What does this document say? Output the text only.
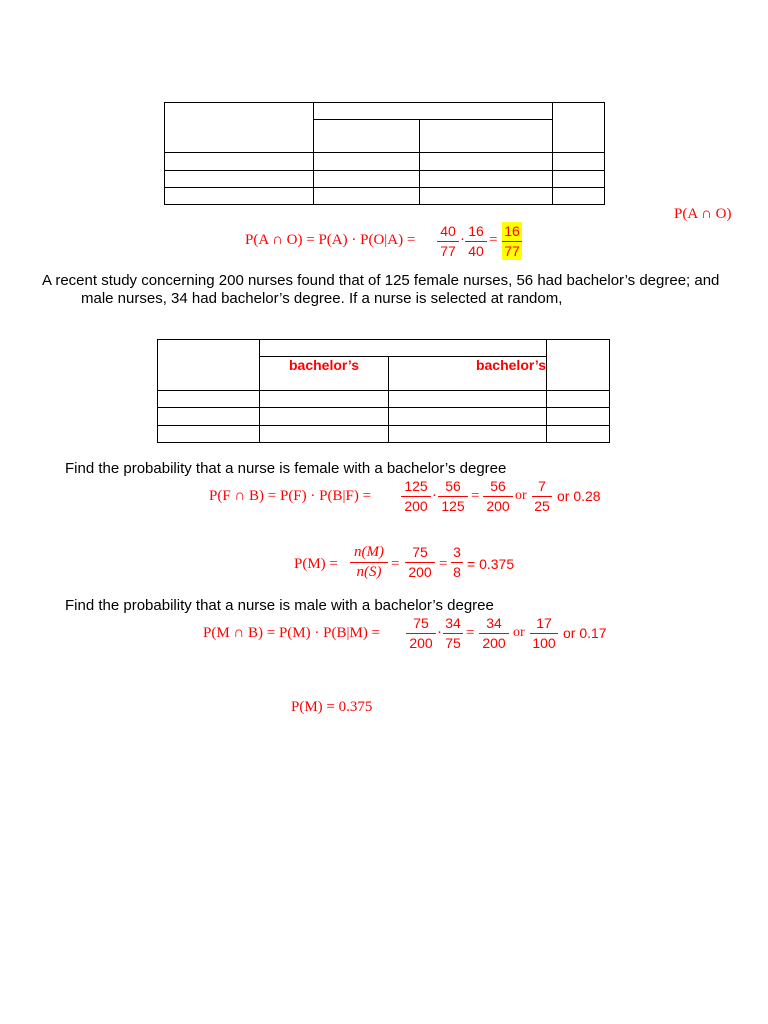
P(A ∩ O)
P(A ∩ $O) = P(A) \cdot P(O|A) = \frac{40}{77} \cdot \frac{16}{40} = \frac{16}{77}$
A recent study concerning 200 nurses found that of 125 female nurses, 56 had bachelor’s degree; and
male nurses, 34 had bachelor’s degree. If a nurse is selected at random,

	bachelor’s	bachelor’s	

Find the probability that a nurse is female with a bachelor’s degree
P(F ∩ $B) = P(F) \cdot P(B|F) = \frac{125}{200} \cdot \frac{56}{125} = \frac{56}{200}$ or $\frac{7}{25}$ or 0.28
$P(M) = \frac{n(M)}{n(S)} = \frac{75}{200} = \frac{3}{8} = 0.375$
Find the probability that a nurse is male with a bachelor’s degree
P(M ∩ $B) = P(M) \cdot P(B|M) = \frac{75}{200} \cdot \frac{34}{75} = \frac{34}{200}$ or $\frac{17}{100}$ or 0.17
P(M) = 0.375
